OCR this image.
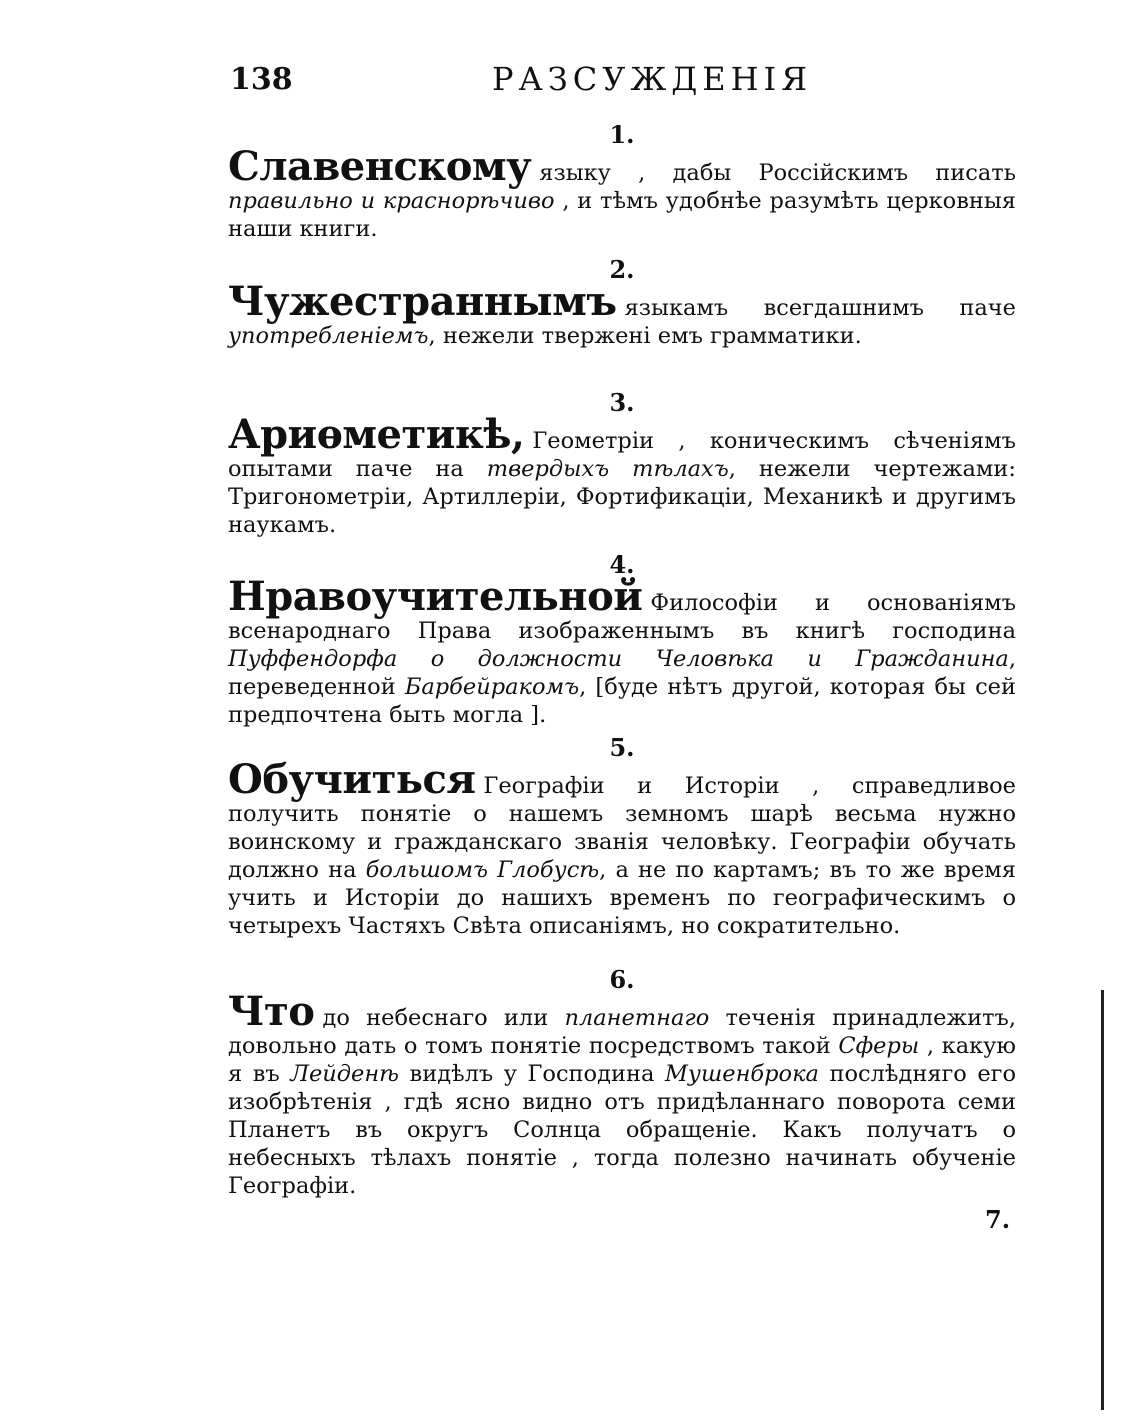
138	РАЗСУЖДЕНІЯ
1.

Славенскому языку , дабы Россійскимъ писать правильно и краснорѣчиво , и тѣмъ удобнѣе разумѣть церковныя наши книги.

2.

Чужестраннымъ языкамъ всегдашнимъ паче употребленіемъ, нежели твержені емъ грамматики.

3.

Ариѳметикѣ, Геометріи , коническимъ сѣченіямъ опытами паче на твердыхъ тѣлахъ, нежели чертежами: Тригонометріи, Артиллеріи, Фортификаціи, Механикѣ и другимъ наукамъ.

4.

Нравоучительной Философіи и основаніямъ всенароднаго Права изображеннымъ въ книгѣ господина Пуффендорфа о должности Человѣка и Гражданина, переведенной Барбейракомъ, [буде нѣтъ другой, которая бы сей предпочтена быть могла ].

5.

Обучиться Географіи и Исторіи , справедливое получить понятіе о нашемъ земномъ шарѣ весьма нужно воинскому и гражданскаго званія человѣку. Географіи обучать должно на большомъ Глобусѣ, а не по картамъ; въ то же время учить и Исторіи до нашихъ временъ по географическимъ о четырехъ Частяхъ Свѣта описаніямъ, но сократительно.

6.

Что до небеснаго или планетнаго теченія принадлежитъ, довольно дать о томъ понятіе посредствомъ такой Сферы , какую я въ Лейденѣ видѣлъ у Господина Мушенброка послѣдняго его изобрѣтенія , гдѣ ясно видно отъ придѣланнаго поворота семи Планетъ въ округъ Солнца обращеніе. Какъ получатъ о небесныхъ тѣлахъ понятіе , тогда полезно начинать обученіе Географіи.

7.
